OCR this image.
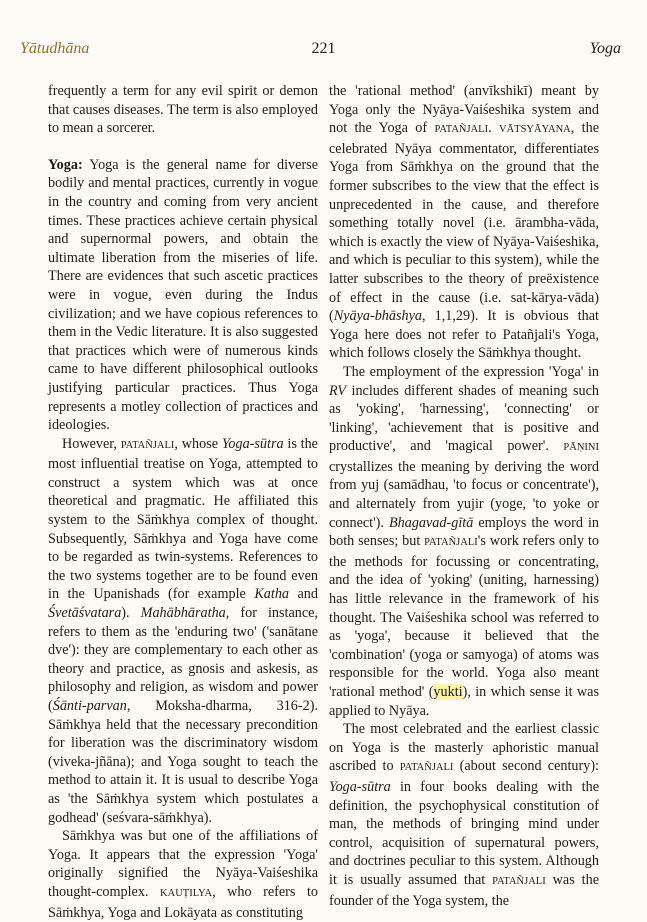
Yātudhāna	221	Yoga

frequently a term for any evil spirit or demon that causes diseases. The term is also employed to mean a sorcerer.

Yoga: Yoga is the general name for diverse bodily and mental practices, currently in vogue in the country and coming from very ancient times. These practices achieve certain physical and supernormal powers, and obtain the ultimate liberation from the miseries of life. There are evidences that such ascetic practices were in vogue, even during the Indus civilization; and we have copious references to them in the Vedic literature. It is also suggested that practices which were of numerous kinds came to have different philosophical outlooks justifying particular practices. Thus Yoga represents a motley collection of practices and ideologies.

However, PATAÑJALI, whose Yoga-sūtra is the most influential treatise on Yoga, attempted to construct a system which was at once theoretical and pragmatic. He affiliated this system to the Sāṁkhya complex of thought. Subsequently, Sāṁkhya and Yoga have come to be regarded as twin-systems. References to the two systems together are to be found even in the Upanishads (for example Katha and Śvetāśvatara). Mahābhāratha, for instance, refers to them as the 'enduring two' ('sanātane dve'): they are complementary to each other as theory and practice, as gnosis and askesis, as philosophy and religion, as wisdom and power (Śānti-parvan, Moksha-dharma, 316-2). Sāṁkhya held that the necessary precondition for liberation was the discriminatory wisdom (viveka-jñāna); and Yoga sought to teach the method to attain it. It is usual to describe Yoga as 'the Sāṁkhya system which postulates a godhead' (seśvara-sāṁkhya).

Sāṁkhya was but one of the affiliations of Yoga. It appears that the expression 'Yoga' originally signified the Nyāya-Vaiśeshika thought-complex. KAUṬILYA, who refers to Sāṁkhya, Yoga and Lokāyata as constituting

the 'rational method' (anvīkshikī) meant by Yoga only the Nyāya-Vaiśeshika system and not the Yoga of PATAÑJALI. VĀTSYĀYANA, the celebrated Nyāya commentator, differentiates Yoga from Sāṁkhya on the ground that the former subscribes to the view that the effect is unprecedented in the cause, and therefore something totally novel (i.e. ārambha-vāda, which is exactly the view of Nyāya-Vaiśeshika, and which is peculiar to this system), while the latter subscribes to the theory of preëxistence of effect in the cause (i.e. sat-kārya-vāda) (Nyāya-bhāshya, 1,1,29). It is obvious that Yoga here does not refer to Patañjali's Yoga, which follows closely the Sāṁkhya thought.

The employment of the expression 'Yoga' in RV includes different shades of meaning such as 'yoking', 'harnessing', 'connecting' or 'linking', 'achievement that is positive and productive', and 'magical power'. PĀṆINI crystallizes the meaning by deriving the word from yuj (samādhau, 'to focus or concentrate'), and alternately from yujir (yoge, 'to yoke or connect'). Bhagavad-gītā employs the word in both senses; but PATAÑJALI's work refers only to the methods for focussing or concentrating, and the idea of 'yoking' (uniting, harnessing) has little relevance in the framework of his thought. The Vaiśeshika school was referred to as 'yoga', because it believed that the 'combination' (yoga or samyoga) of atoms was responsible for the world. Yoga also meant 'rational method' (yukti), in which sense it was applied to Nyāya.

The most celebrated and the earliest classic on Yoga is the masterly aphoristic manual ascribed to PATAÑJALI (about second century): Yoga-sūtra in four books dealing with the definition, the psychophysical constitution of man, the methods of bringing mind under control, acquisition of supernatural powers, and doctrines peculiar to this system. Although it is usually assumed that PATAÑJALI was the founder of the Yoga system, the
